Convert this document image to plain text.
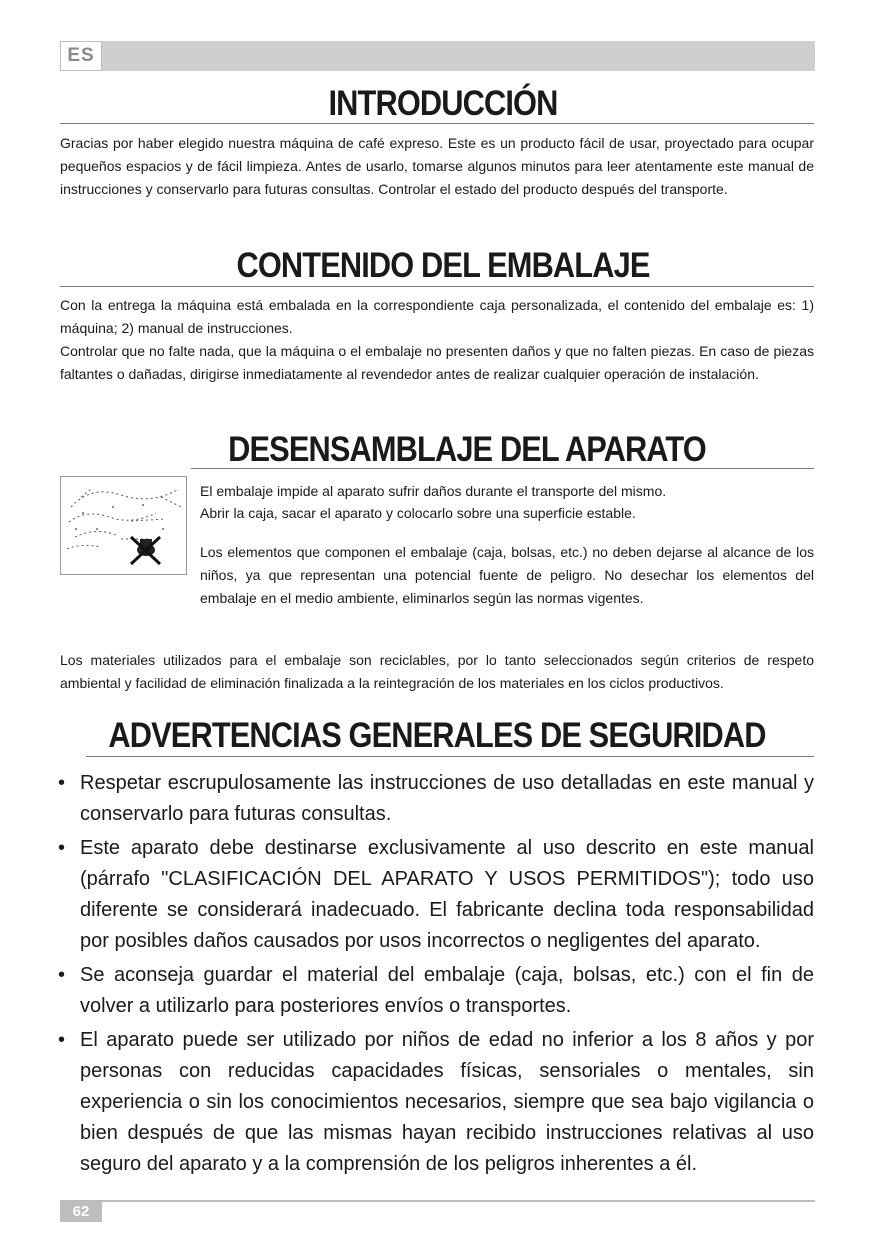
ES
INTRODUCCIÓN

Gracias por haber elegido nuestra máquina de café expreso. Este es un producto fácil de usar, proyectado para ocupar pequeños espacios y de fácil limpieza. Antes de usarlo, tomarse algunos minutos para leer atentamente este manual de instrucciones y conservarlo para futuras consultas. Controlar el estado del producto después del transporte.

CONTENIDO DEL EMBALAJE

Con la entrega la máquina está embalada en la correspondiente caja personalizada, el contenido del embalaje es: 1) máquina; 2) manual de instrucciones.

Controlar que no falte nada, que la máquina o el embalaje no presenten daños y que no falten piezas. En caso de piezas faltantes o dañadas, dirigirse inmediatamente al revendedor antes de realizar cualquier operación de instalación.

DESENSAMBLAJE DEL APARATO

El embalaje impide al aparato sufrir daños durante el transporte del mismo.

Abrir la caja, sacar el aparato y colocarlo sobre una superficie estable.

Los elementos que componen el embalaje (caja, bolsas, etc.) no deben dejarse al alcance de los niños, ya que representan una potencial fuente de peligro. No desechar los elementos del embalaje en el medio ambiente, eliminarlos según las normas vigentes.

Los materiales utilizados para el embalaje son reciclables, por lo tanto seleccionados según criterios de respeto ambiental y facilidad de eliminación finalizada a la reintegración de los materiales en los ciclos productivos.

ADVERTENCIAS GENERALES DE SEGURIDAD
• Respetar escrupulosamente las instrucciones de uso detalladas en este manual y conservarlo para futuras consultas.
• Este aparato debe destinarse exclusivamente al uso descrito en este manual (párrafo "CLASIFICACIÓN DEL APARATO Y USOS PERMITIDOS"); todo uso diferente se considerará inadecuado. El fabricante declina toda responsabilidad por posibles daños causados por usos incorrectos o negligentes del aparato.
• Se aconseja guardar el material del embalaje (caja, bolsas, etc.) con el fin de volver a utilizarlo para posteriores envíos o transportes.
• El aparato puede ser utilizado por niños de edad no inferior a los 8 años y por personas con reducidas capacidades físicas, sensoriales o mentales, sin experiencia o sin los conocimientos necesarios, siempre que sea bajo vigilancia o bien después de que las mismas hayan recibido instrucciones relativas al uso seguro del aparato y a la comprensión de los peligros inherentes a él.
62
